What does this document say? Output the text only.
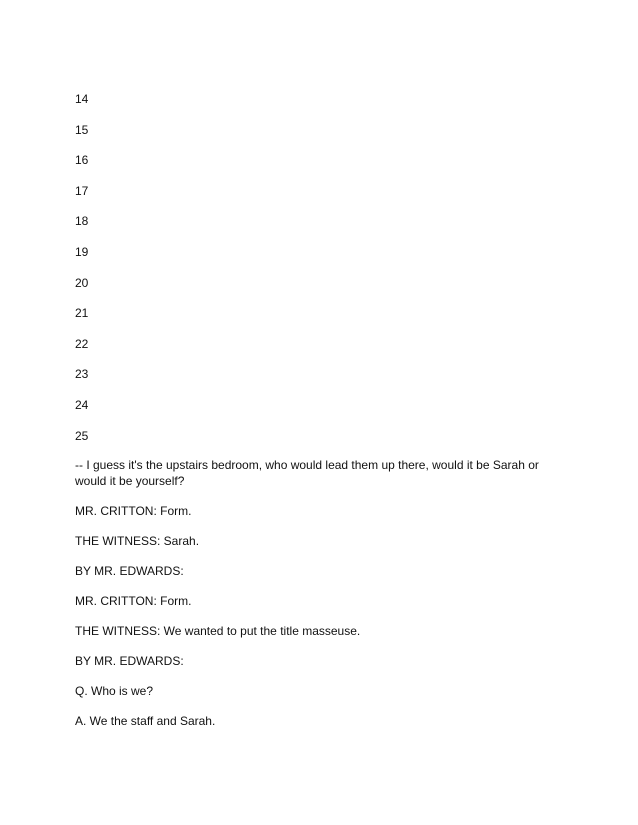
14
15
16
17
18
19
20
21
22
23
24
25

-- I guess it's the upstairs bedroom, who would lead them up there, would it be Sarah or would it be yourself?

MR. CRITTON: Form.

THE WITNESS: Sarah.

BY MR. EDWARDS:

MR. CRITTON: Form.

THE WITNESS: We wanted to put the title masseuse.

BY MR. EDWARDS:

Q. Who is we?

A. We the staff and Sarah.
